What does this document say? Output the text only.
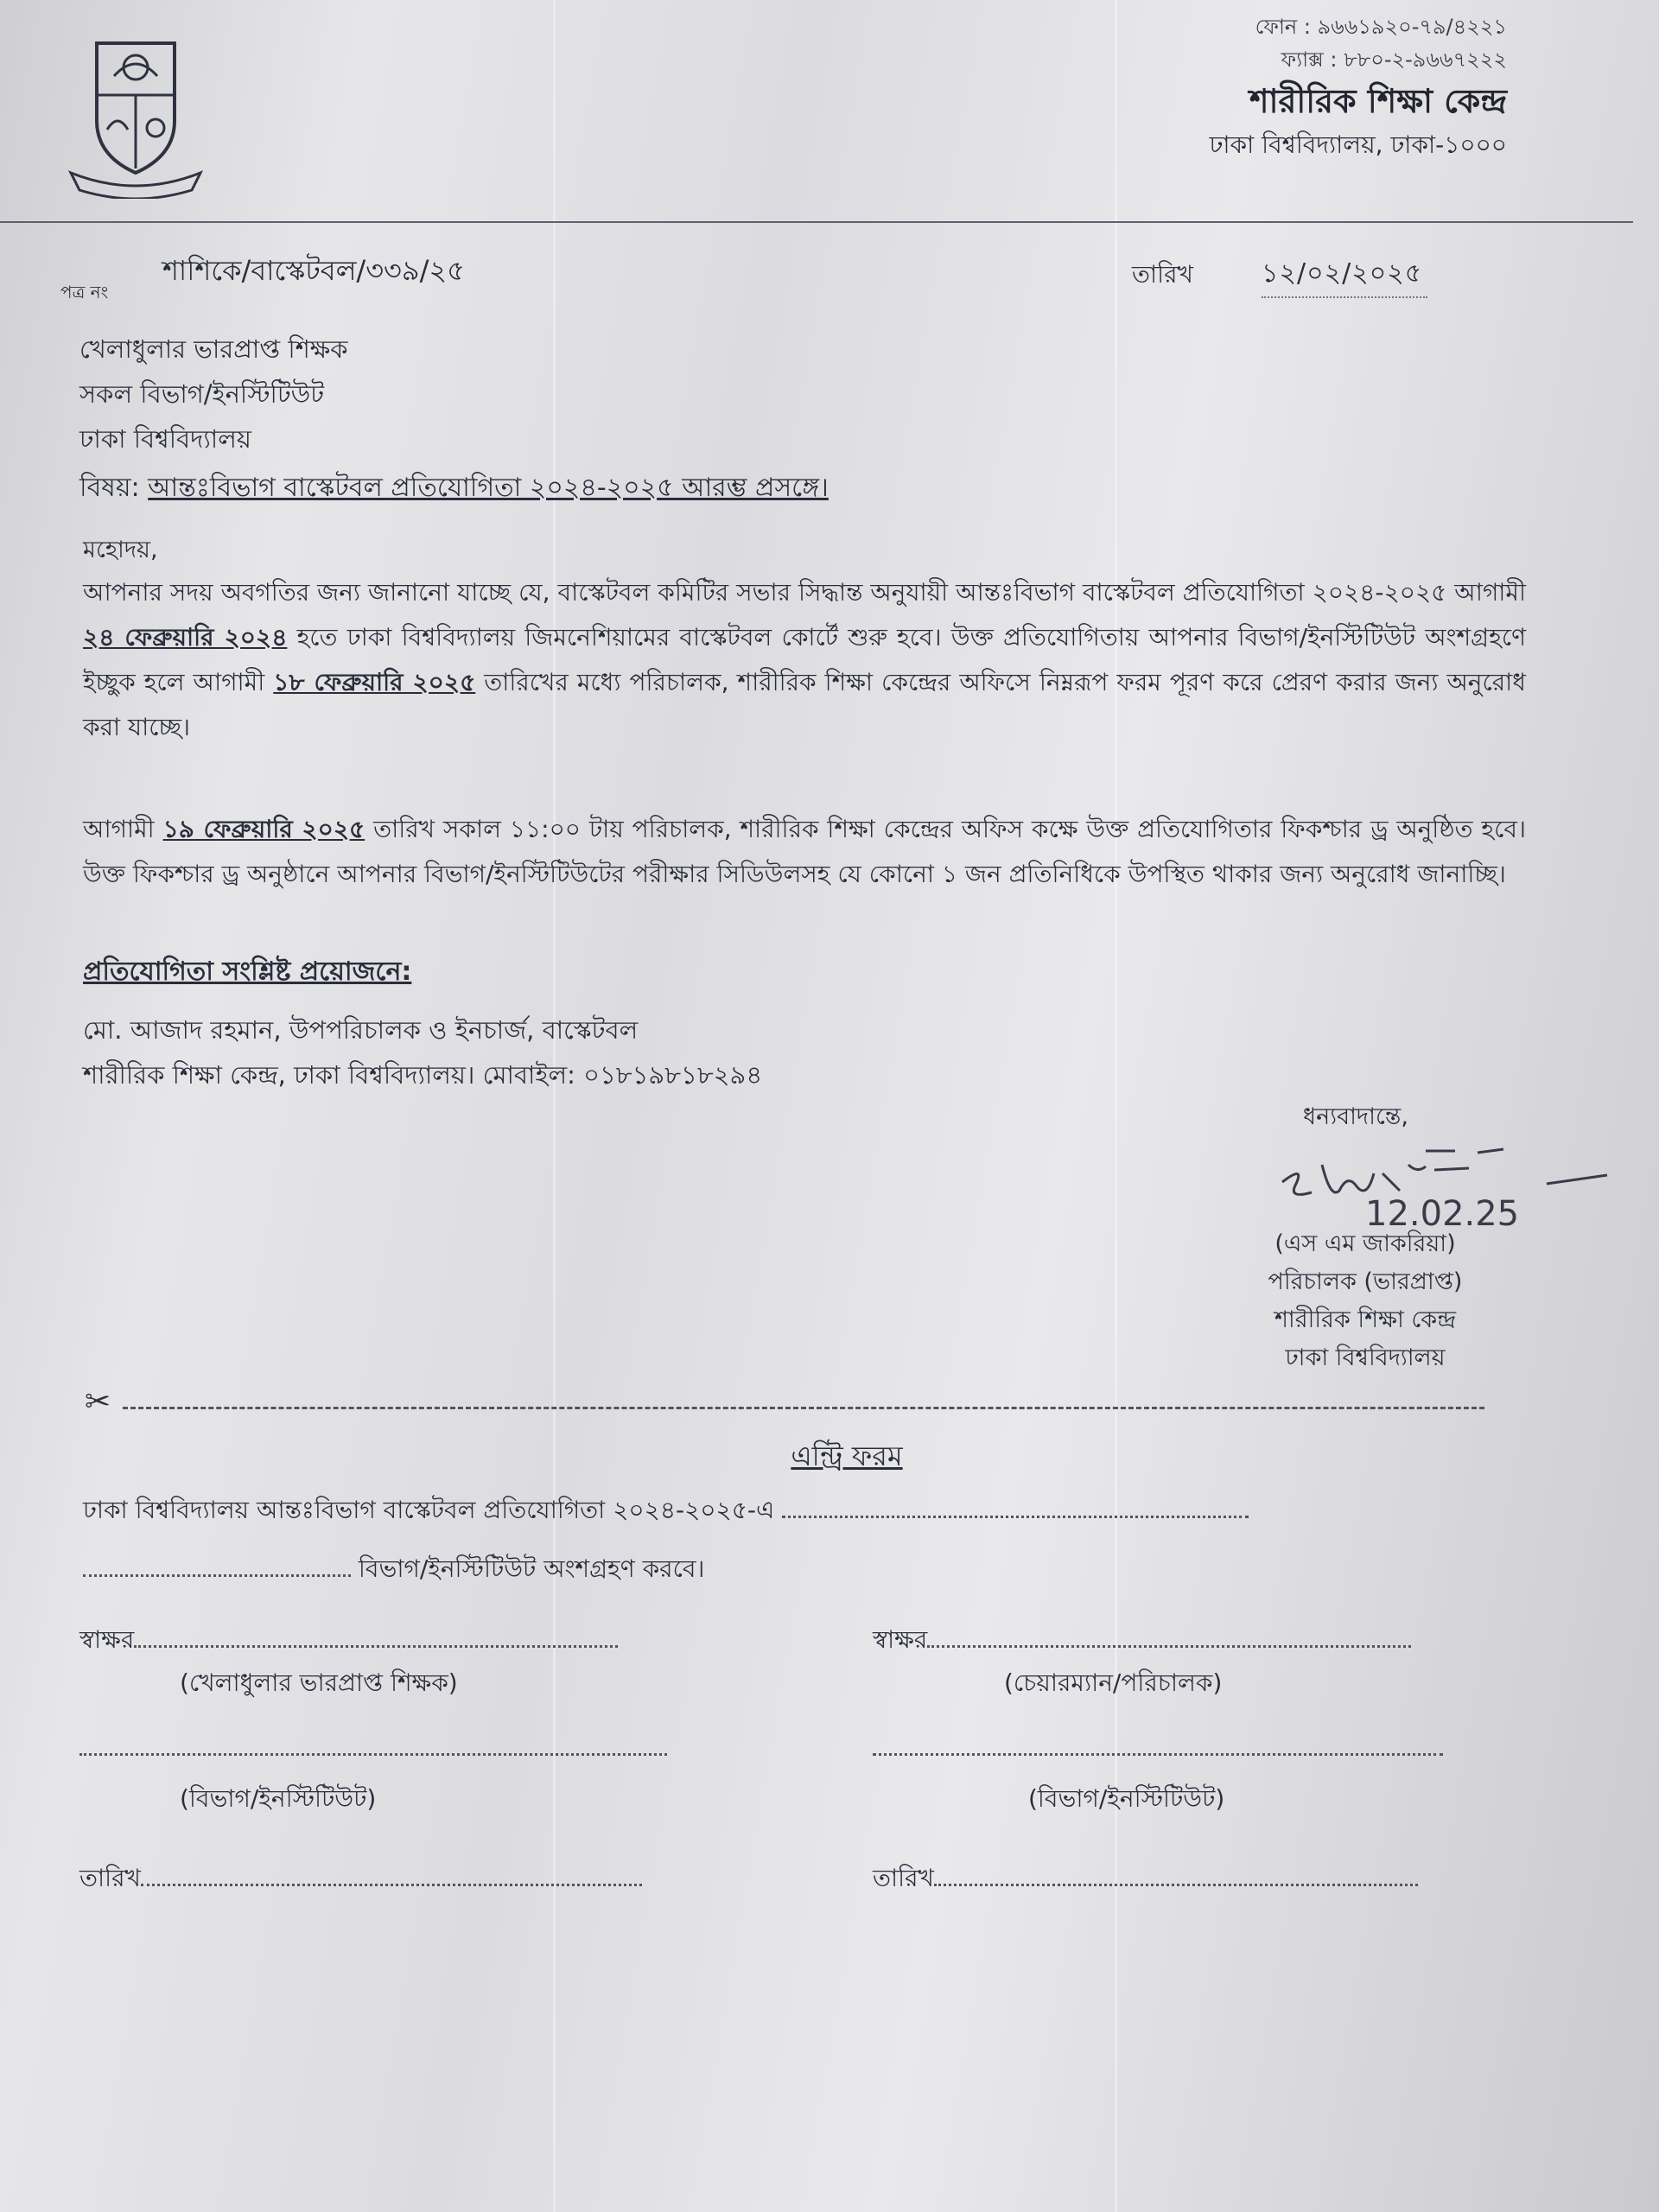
ফোন : ৯৬৬১৯২০-৭৯/৪২২১
ফ্যাক্স : ৮৮০-২-৯৬৬৭২২২
শারীরিক শিক্ষা কেন্দ্র
ঢাকা বিশ্ববিদ্যালয়, ঢাকা-১০০০
পত্র নং
শাশিকে/বাস্কেটবল/৩৩৯/২৫	তারিখ	১২/০২/২০২৫
খেলাধুলার ভারপ্রাপ্ত শিক্ষক
সকল বিভাগ/ইনস্টিটিউট
ঢাকা বিশ্ববিদ্যালয়
বিষয়: আন্তঃবিভাগ বাস্কেটবল প্রতিযোগিতা ২০২৪-২০২৫ আরম্ভ প্রসঙ্গে।
মহোদয়,
আপনার সদয় অবগতির জন্য জানানো যাচ্ছে যে, বাস্কেটবল কমিটির সভার সিদ্ধান্ত অনুযায়ী আন্তঃবিভাগ বাস্কেটবল প্রতিযোগিতা ২০২৪-২০২৫ আগামী ২৪ ফেব্রুয়ারি ২০২৪ হতে ঢাকা বিশ্ববিদ্যালয় জিমনেশিয়ামের বাস্কেটবল কোর্টে শুরু হবে। উক্ত প্রতিযোগিতায় আপনার বিভাগ/ইনস্টিটিউট অংশগ্রহণে ইচ্ছুক হলে আগামী ১৮ ফেব্রুয়ারি ২০২৫ তারিখের মধ্যে পরিচালক, শারীরিক শিক্ষা কেন্দ্রের অফিসে নিম্নরূপ ফরম পূরণ করে প্রেরণ করার জন্য অনুরোধ করা যাচ্ছে।
আগামী ১৯ ফেব্রুয়ারি ২০২৫ তারিখ সকাল ১১:০০ টায় পরিচালক, শারীরিক শিক্ষা কেন্দ্রের অফিস কক্ষে উক্ত প্রতিযোগিতার ফিকশ্চার ড্র অনুষ্ঠিত হবে। উক্ত ফিকশ্চার ড্র অনুষ্ঠানে আপনার বিভাগ/ইনস্টিটিউটের পরীক্ষার সিডিউলসহ যে কোনো ১ জন প্রতিনিধিকে উপস্থিত থাকার জন্য অনুরোধ জানাচ্ছি।
প্রতিযোগিতা সংশ্লিষ্ট প্রয়োজনে:
মো. আজাদ রহমান, উপপরিচালক ও ইনচার্জ, বাস্কেটবল
শারীরিক শিক্ষা কেন্দ্র, ঢাকা বিশ্ববিদ্যালয়। মোবাইল: ০১৮১৯৮১৮২৯৪
ধন্যবাদান্তে,
12.02.25
(এস এম জাকরিয়া)
পরিচালক (ভারপ্রাপ্ত)
শারীরিক শিক্ষা কেন্দ্র
ঢাকা বিশ্ববিদ্যালয়
✂
এন্ট্রি ফরম
ঢাকা বিশ্ববিদ্যালয় আন্তঃবিভাগ বাস্কেটবল প্রতিযোগিতা ২০২৪-২০২৫-এ
বিভাগ/ইনস্টিটিউট অংশগ্রহণ করবে।
স্বাক্ষর
(খেলাধুলার ভারপ্রাপ্ত শিক্ষক)
(বিভাগ/ইনস্টিটিউট)
তারিখ
স্বাক্ষর
(চেয়ারম্যান/পরিচালক)
(বিভাগ/ইনস্টিটিউট)
তারিখ
